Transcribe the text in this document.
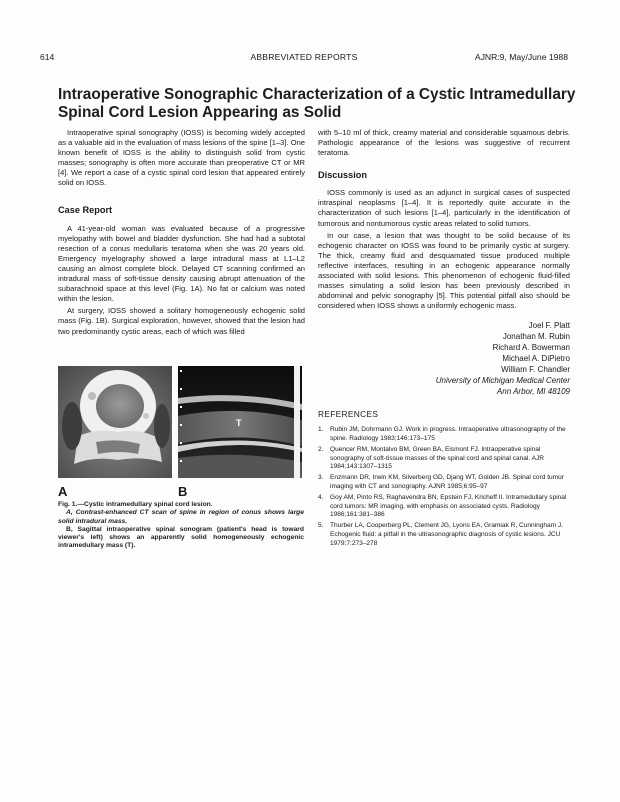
614	ABBREVIATED REPORTS	AJNR:9, May/June 1988
Intraoperative Sonographic Characterization of a Cystic Intramedullary Spinal Cord Lesion Appearing as Solid

Intraoperative spinal sonography (IOSS) is becoming widely accepted as a valuable aid in the evaluation of mass lesions of the spine [1–3]. One known benefit of IOSS is the ability to distinguish solid from cystic masses; sonography is often more accurate than preoperative CT or MR [4]. We report a case of a cystic spinal cord lesion that appeared entirely solid on IOSS.

Case Report

A 41-year-old woman was evaluated because of a progressive myelopathy with bowel and bladder dysfunction. She had had a subtotal resection of a conus medullaris teratoma when she was 20 years old. Emergency myelography showed a large intradural mass at L1–L2 causing an almost complete block. Delayed CT scanning confirmed an intradural mass of soft-tissue density causing abrupt attenuation of the subarachnoid space at this level (Fig. 1A). No fat or calcium was noted within the lesion.

At surgery, IOSS showed a solitary homogeneously echogenic solid mass (Fig. 1B). Surgical exploration, however, showed that the lesion had two predominantly cystic areas, each of which was filled

with 5–10 ml of thick, creamy material and considerable squamous debris. Pathologic appearance of the lesions was suggestive of recurrent teratoma.

Discussion

IOSS commonly is used as an adjunct in surgical cases of suspected intraspinal neoplasms [1–4]. It is reportedly quite accurate in the characterization of such lesions [1–4], particularly in the identification of tumorous and nontumorous cystic areas related to solid tumors.

In our case, a lesion that was thought to be solid because of its echogenic character on IOSS was found to be primarily cystic at surgery. The thick, creamy fluid and desquamated tissue produced multiple reflective interfaces, resulting in an echogenic appearance normally associated with solid lesions. This phenomenon of echogenic fluid-filled masses simulating a solid lesion has been previously described in abdominal and pelvic sonography [5]. This potential pitfall also should be considered when IOSS shows a uniformly echogenic mass.

Joel F. Platt
Jonathan M. Rubin
Richard A. Bowerman
Michael A. DiPietro
William F. Chandler
University of Michigan Medical Center
Ann Arbor, MI 48109
REFERENCES
1. Rubin JM, Dohrmann GJ. Work in progress. Intraoperative ultrasonography of the spine. Radiology 1983;146:173–175
2. Quencer RM, Montalvo BM, Green BA, Eismont FJ. Intraoperative spinal sonography of soft-tissue masses of the spinal cord and spinal canal. AJR 1984;143:1307–1315
3. Enzmann DR, Irwin KM, Silverberg GD, Djang WT, Golden JB. Spinal cord tumor imaging with CT and sonography. AJNR 1985;6:95–97
4. Goy AM, Pinto RS, Raghavendra BN, Epstein FJ, Kricheff II. Intramedullary spinal cord tumors: MR imaging, with emphasis on associated cysts. Radiology 1986;161:381–386
5. Thurber LA, Cooperberg PL, Clement JG, Lyons EA, Gramiak R, Cunningham J. Echogenic fluid: a pitfall in the ultrasonographic diagnosis of cystic lesions. JCU 1979;7:273–278
T
A	B
Fig. 1.—Cystic intramedullary spinal cord lesion.
A, Contrast-enhanced CT scan of spine in region of conus shows large solid intradural mass.
B, Sagittal intraoperative spinal sonogram (patient's head is toward viewer's left) shows an apparently solid homogeneously echogenic intramedullary mass (T).
